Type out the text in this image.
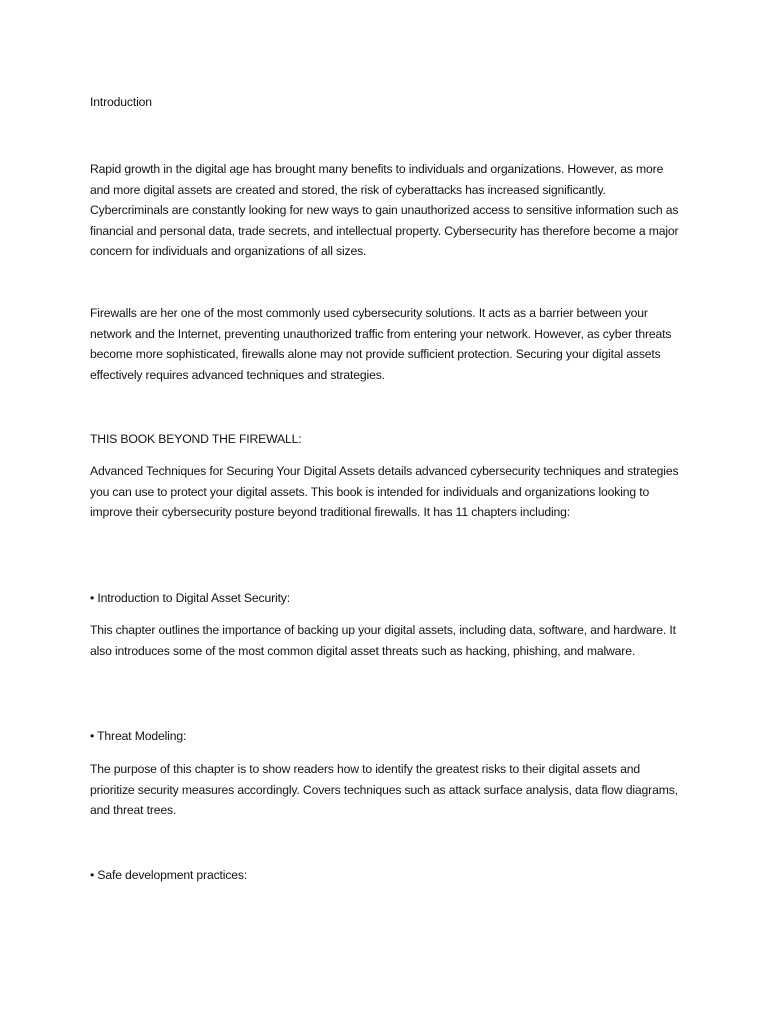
Introduction

Rapid growth in the digital age has brought many benefits to individuals and organizations. However, as more and more digital assets are created and stored, the risk of cyberattacks has increased significantly. Cybercriminals are constantly looking for new ways to gain unauthorized access to sensitive information such as financial and personal data, trade secrets, and intellectual property. Cybersecurity has therefore become a major concern for individuals and organizations of all sizes.

Firewalls are her one of the most commonly used cybersecurity solutions. It acts as a barrier between your network and the Internet, preventing unauthorized traffic from entering your network. However, as cyber threats become more sophisticated, firewalls alone may not provide sufficient protection. Securing your digital assets effectively requires advanced techniques and strategies.

THIS BOOK BEYOND THE FIREWALL:

Advanced Techniques for Securing Your Digital Assets details advanced cybersecurity techniques and strategies you can use to protect your digital assets. This book is intended for individuals and organizations looking to improve their cybersecurity posture beyond traditional firewalls. It has 11 chapters including:

• Introduction to Digital Asset Security:

This chapter outlines the importance of backing up your digital assets, including data, software, and hardware. It also introduces some of the most common digital asset threats such as hacking, phishing, and malware.

• Threat Modeling:

The purpose of this chapter is to show readers how to identify the greatest risks to their digital assets and prioritize security measures accordingly. Covers techniques such as attack surface analysis, data flow diagrams, and threat trees.

• Safe development practices:
